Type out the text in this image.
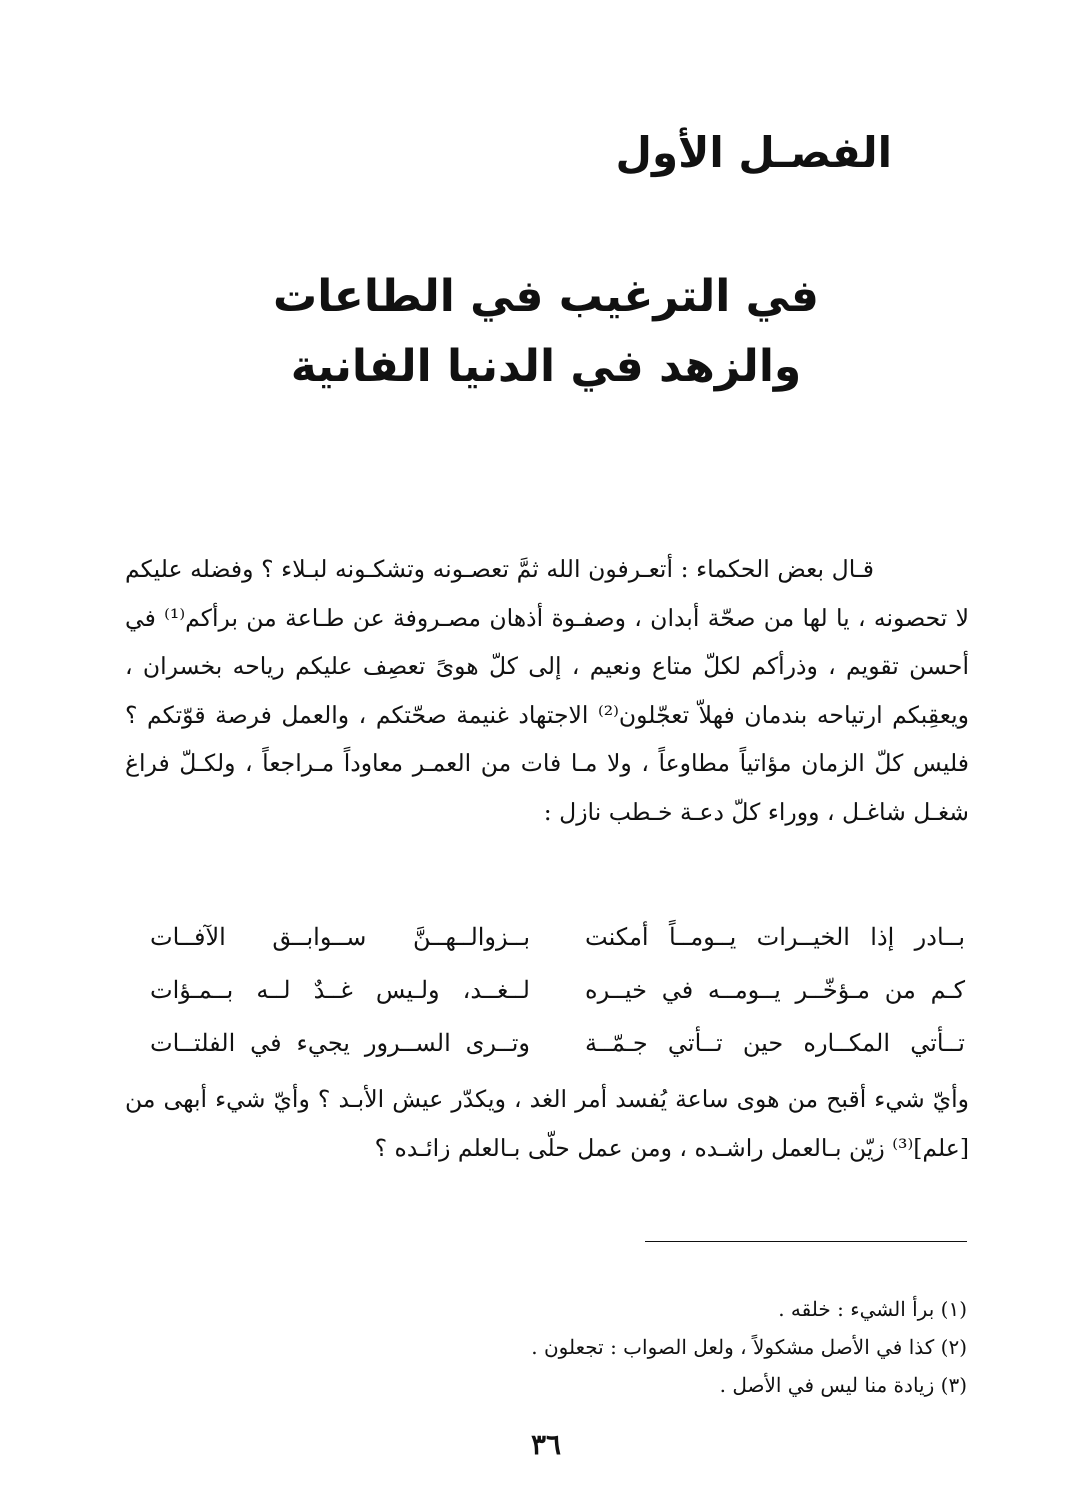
الفصـل الأول
في الترغيب في الطاعات
والزهد في الدنيا الفانية

قـال بعض الحكماء : أتعـرفون الله ثمَّ تعصـونه وتشكـونه لبـلاء ؟ وفضله عليكم لا تحصونه ، يا لها من صحّة أبدان ، وصفـوة أذهان مصـروفة عن طـاعة من برأكم⁽¹⁾ في أحسن تقويم ، وذرأكم لكلّ متاع ونعيم ، إلى كلّ هوىً تعصِف عليكم رياحه بخسران ، ويعقِبكم ارتياحه بندمان فهلاّ تعجّلون⁽²⁾ الاجتهاد غنيمة صحّتكم ، والعمل فرصة قوّتكم ؟ فليس كلّ الزمان مؤاتياً مطاوعاً ، ولا مـا فات من العمـر معاوداً مـراجعاً ، ولكـلّ فراغ شغـل شاغـل ، ووراء كلّ دعـة خـطب نازل :

بــادر إذا الخيــرات يــومــاً أمكنت
بــزوالــهــنَّ ســوابــق الآفــات
كـم من مـؤخّــر يــومــه في خيــره
لــغــد، ولـيس غــدٌ لــه بــمـؤات
تــأتي المكــاره حين تــأتي جـمّــة
وتــرى الســرور يجيء في الفلتــات

وأيّ شيء أقبح من هوى ساعة يُفسد أمر الغد ، ويكدّر عيش الأبـد ؟ وأيّ شيء أبهى من [علم]⁽³⁾ زيّن بـالعمل راشـده ، ومن عمل حلّى بـالعلم زائـده ؟

(١) برأ الشيء : خلقه .
(٢) كذا في الأصل مشكولاً ، ولعل الصواب : تجعلون .
(٣) زيادة منا ليس في الأصل .
٣٦
